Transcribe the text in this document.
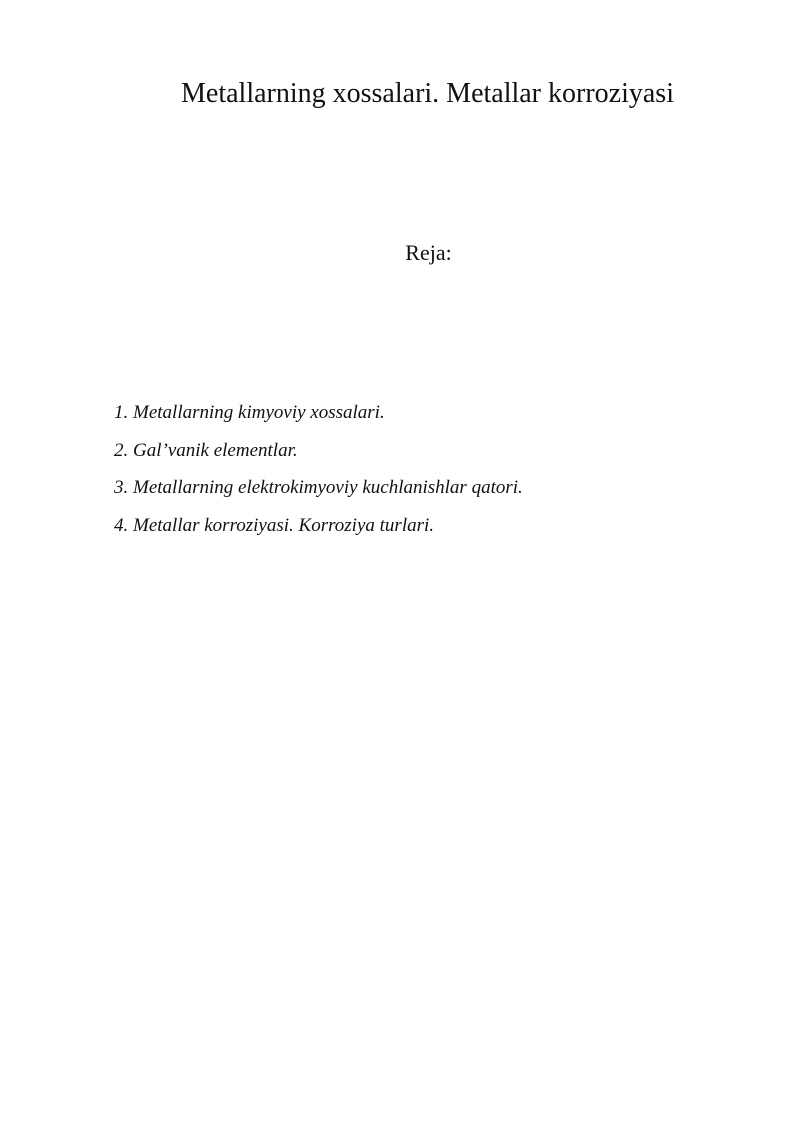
Metallarning xossalari. Metallar korroziyasi
Reja:
1. Metallarning kimyoviy xossalari.
2. Gal’vanik elementlar.
3. Metallarning elektrokimyoviy kuchlanishlar qatori.
4. Metallar korroziyasi. Korroziya turlari.
